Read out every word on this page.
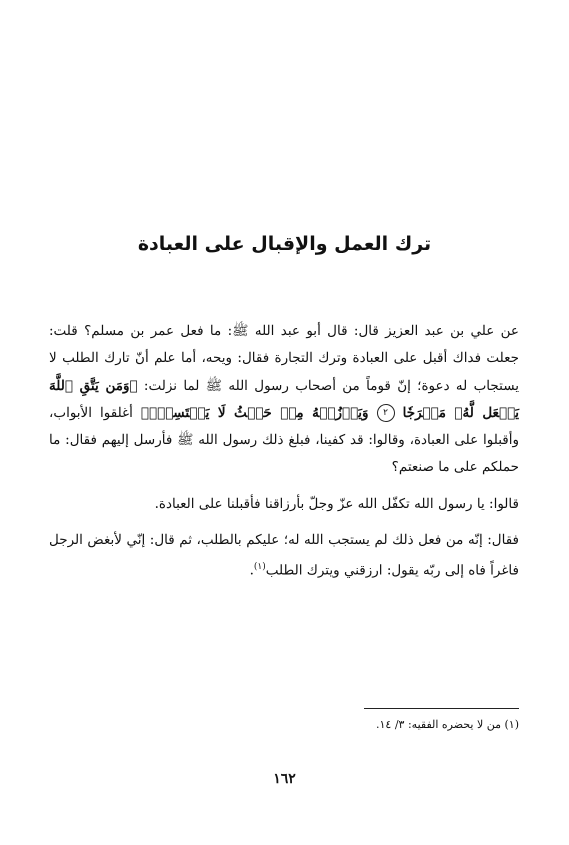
ترك العمل والإقبال على العبادة

عن علي بن عبد العزيز قال: قال أبو عبد الله ﷺ: ما فعل عمر بن مسلم؟ قلت: جعلت فداك أقبل على العبادة وترك التجارة فقال: ويحه، أما علم أنّ تارك الطلب لا يستجاب له دعوة؛ إنّ قوماً من أصحاب رسول الله ﷺ لما نزلت: ﴿وَمَن يَتَّقِ ٱللَّهَ يَجۡعَل لَّهُۥ مَخۡرَجٗا ٢ وَيَرۡزُقۡهُ مِنۡ حَيۡثُ لَا يَحۡتَسِبُۚ﴾ أغلقوا الأبواب، وأقبلوا على العبادة، وقالوا: قد كفينا، فبلغ ذلك رسول الله ﷺ فأرسل إليهم فقال: ما حملكم على ما صنعتم؟

قالوا: يا رسول الله تكفّل الله عزّ وجلّ بأرزاقنا فأقبلنا على العبادة.

فقال: إنّه من فعل ذلك لم يستجب الله له؛ عليكم بالطلب، ثم قال: إنّي لأبغض الرجل فاغراً فاه إلى ربّه يقول: ارزقني ويترك الطلب$^{(١)}$.

(١) من لا يحضره الفقيه: ٣/ ١٤.

١٦٢
